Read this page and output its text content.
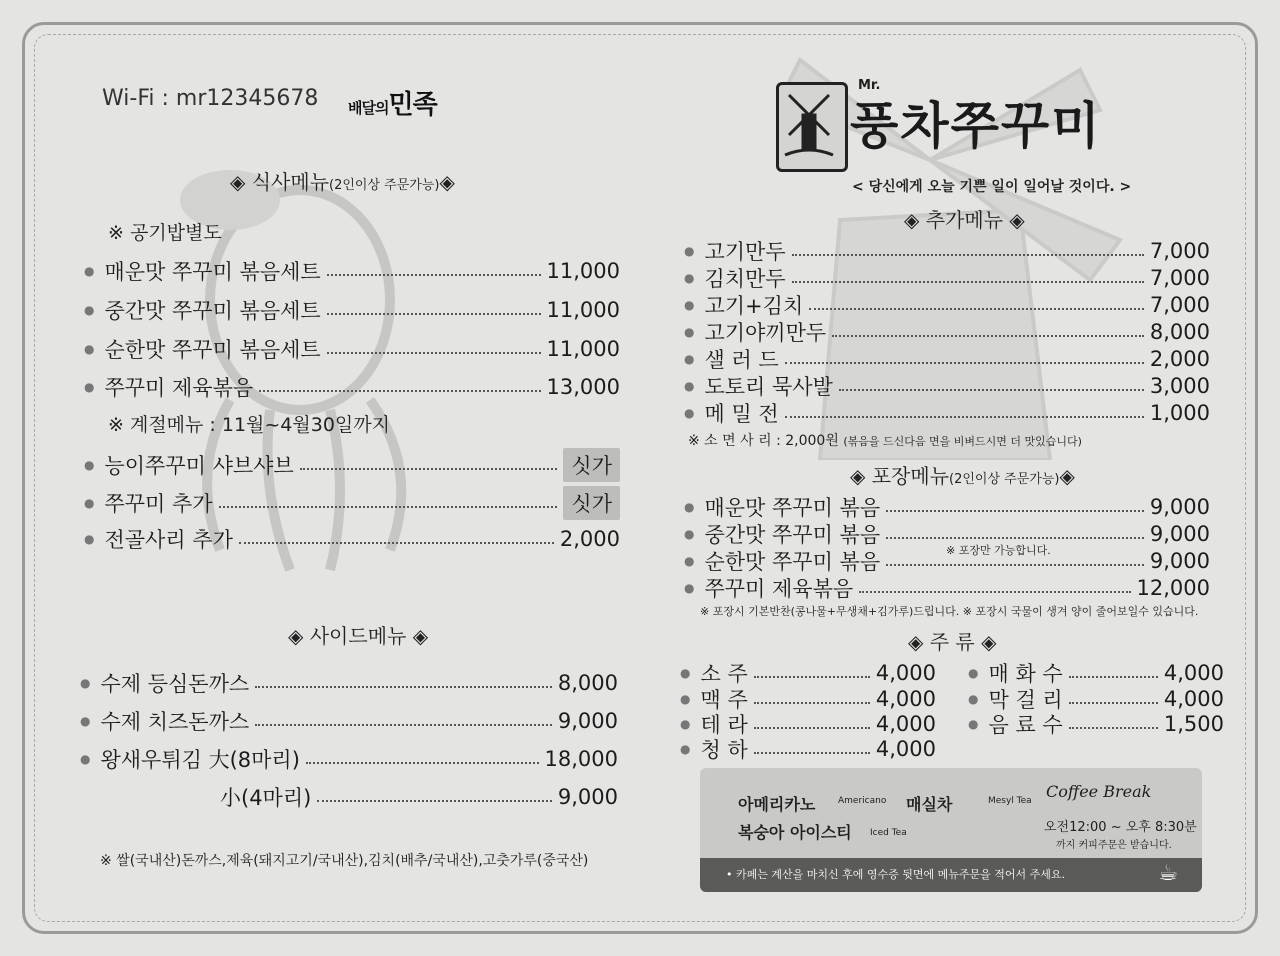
Wi-Fi : mr12345678 배달의민족
Mr.
풍차쭈꾸미
< 당신에게 오늘 기쁜 일이 일어날 것이다. >
◈ 식사메뉴(2인이상 주문가능)◈
※ 공기밥별도
● 매운맛 쭈꾸미 볶음세트	11,000
● 중간맛 쭈꾸미 볶음세트	11,000
● 순한맛 쭈꾸미 볶음세트	11,000
● 쭈꾸미 제육볶음	13,000
※ 계절메뉴 : 11월~4월30일까지
● 능이쭈꾸미 샤브샤브	싯가
● 쭈꾸미 추가	싯가
● 전골사리 추가	2,000
◈ 사이드메뉴 ◈
● 수제 등심돈까스	8,000
● 수제 치즈돈까스	9,000
● 왕새우튀김 大(8마리)	18,000
小(4마리)	9,000
※ 쌀(국내산)돈까스,제육(돼지고기/국내산),김치(배추/국내산),고춧가루(중국산)
◈ 추가메뉴 ◈
● 고기만두	7,000
● 김치만두	7,000
● 고기+김치	7,000
● 고기야끼만두	8,000
● 샐 러 드	2,000
● 도토리 묵사발	3,000
● 메 밀 전	1,000
※ 소 면 사 리 : 2,000원 (볶음을 드신다음 면을 비벼드시면 더 맛있습니다)
◈ 포장메뉴(2인이상 주문가능)◈
● 매운맛 쭈꾸미 볶음	9,000
● 중간맛 쭈꾸미 볶음	9,000
● 순한맛 쭈꾸미 볶음	9,000
● 쭈꾸미 제육볶음	12,000
※ 포장만 가능합니다.
※ 포장시 기본반찬(콩나물+무생채+김가루)드립니다. ※ 포장시 국물이 생겨 양이 줄어보일수 있습니다.
◈ 주 류 ◈
● 소 주	4,000
● 맥 주	4,000
● 테 라	4,000
● 청 하	4,000
● 매 화 수	4,000
● 막 걸 리	4,000
● 음 료 수	1,500
아메리카노	Americano 매실차	Mesyl Tea Coffee Break
복숭아 아이스티 Iced Tea	오전12:00 ~ 오후 8:30분
까지 커피주문은 받습니다.
• 카페는 계산을 마치신 후에 영수증 뒷면에 메뉴주문을 적어서 주세요.	☕
